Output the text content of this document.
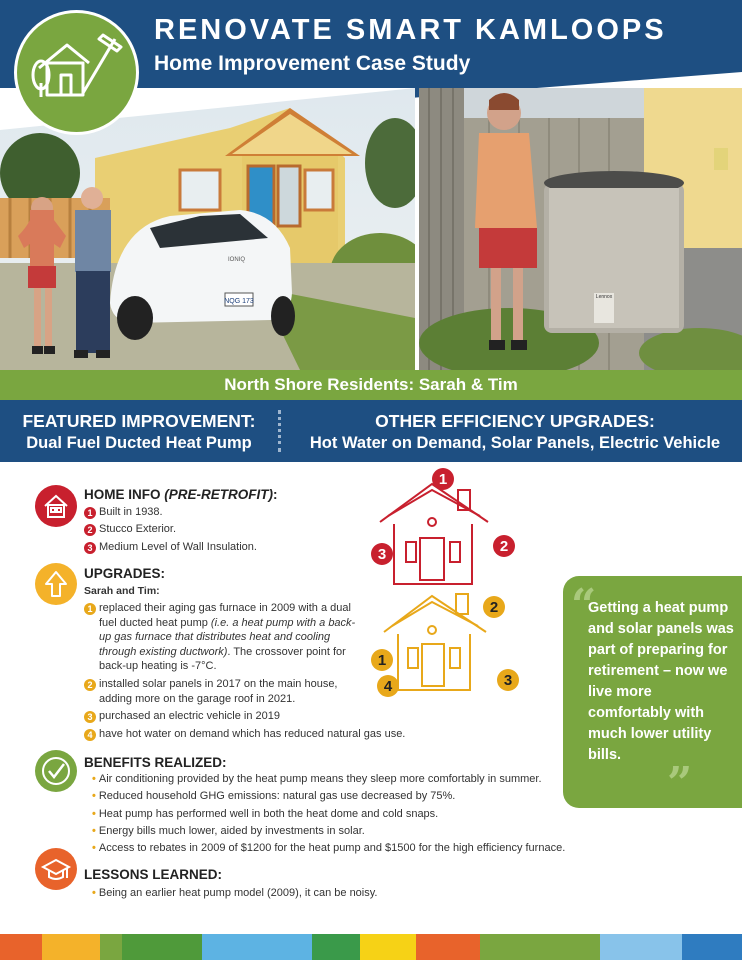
RENOVATE SMART KAMLOOPS
Home Improvement Case Study
NQG 173
IONIQ
Lennox
North Shore Residents: Sarah & Tim
FEATURED IMPROVEMENT:
Dual Fuel Ducted Heat Pump
OTHER EFFICIENCY UPGRADES:
Hot Water on Demand, Solar Panels, Electric Vehicle
HOME INFO (PRE-RETROFIT):
1 Built in 1938.
2 Stucco Exterior.
3 Medium Level of Wall Insulation.
UPGRADES:
Sarah and Tim:
1 replaced their aging gas furnace in 2009 with a dual fuel ducted heat pump (i.e. a heat pump with a back-up gas furnace that distributes heat and cooling through existing ductwork). The crossover point for back-up heating is -7°C.
2 installed solar panels in 2017 on the main house, adding more on the garage roof in 2021.
3 purchased an electric vehicle in 2019
4 have hot water on demand which has reduced natural gas use.
1
2
3
2
1
4	3
“
Getting a heat pump and solar panels was part of preparing for retirement – now we live more comfortably with much lower utility bills.
”
BENEFITS REALIZED:
• Air conditioning provided by the heat pump means they sleep more comfortably in summer.
• Reduced household GHG emissions: natural gas use decreased by 75%.
• Heat pump has performed well in both the heat dome and cold snaps.
• Energy bills much lower, aided by investments in solar.
• Access to rebates in 2009 of $1200 for the heat pump and $1500 for the high efficiency furnace.
LESSONS LEARNED:
• Being an earlier heat pump model (2009), it can be noisy.
